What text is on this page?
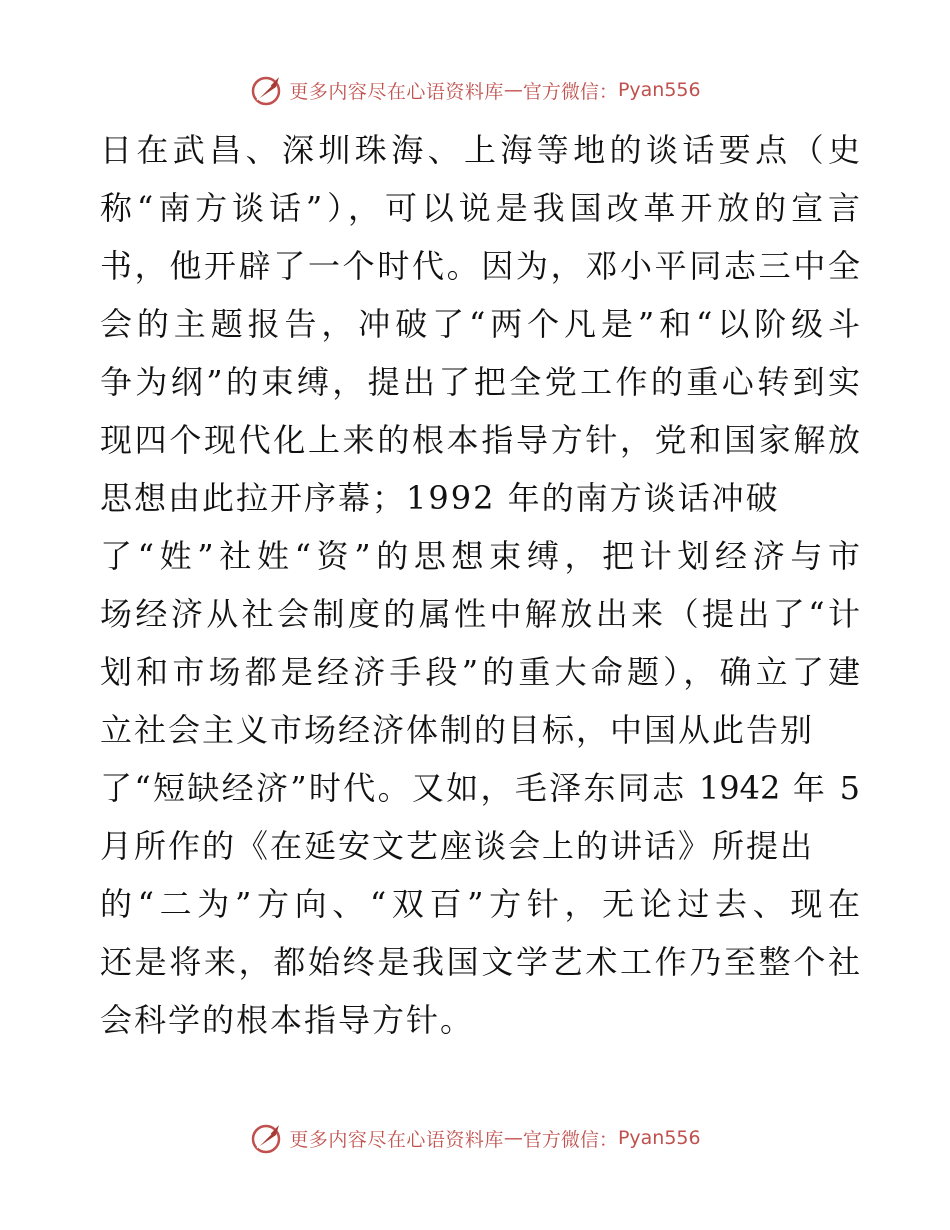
更多内容尽在心语资料库 — 官方微信： Pyan556
日在武昌、深圳珠海、上海等地的谈话要点（史
称“南方谈话”），可以说是我国改革开放的宣言
书，他开辟了一个时代。因为，邓小平同志三中全
会的主题报告，冲破了“两个凡是”和“以阶级斗
争为纲”的束缚，提出了把全党工作的重心转到实
现四个现代化上来的根本指导方针，党和国家解放
思想由此拉开序幕；1992 年的南方谈话冲破
了“姓”社姓“资”的思想束缚，把计划经济与市
场经济从社会制度的属性中解放出来（提出了“计
划和市场都是经济手段”的重大命题），确立了建
立社会主义市场经济体制的目标，中国从此告别
了“短缺经济”时代。又如，毛泽东同志 1942 年 5
月所作的《在延安文艺座谈会上的讲话》所提出
的“二为”方向、“双百”方针，无论过去、现在
还是将来，都始终是我国文学艺术工作乃至整个社
会科学的根本指导方针。
更多内容尽在心语资料库 — 官方微信： Pyan556
